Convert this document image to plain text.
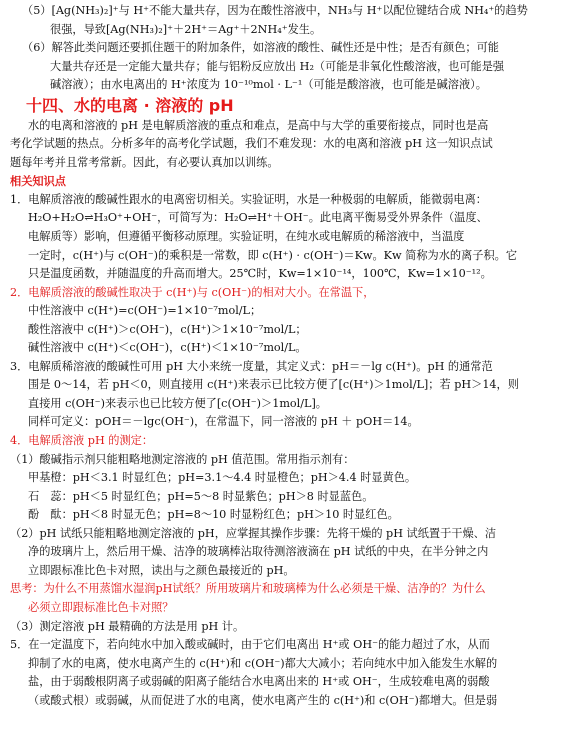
（5）[Ag(NH₃)₂]⁺与 H⁺不能大量共存，因为在酸性溶液中，NH₃与 H⁺以配位键结合成 NH₄⁺的趋势
很强，导致[Ag(NH₃)₂]⁺＋2H⁺＝Ag⁺＋2NH₄⁺发生。
（6）解答此类问题还要抓住题干的附加条件，如溶液的酸性、碱性还是中性；是否有颜色；可能
大量共存还是一定能大量共存；能与铝粉反应放出 H₂（可能是非氧化性酸溶液，也可能是强
碱溶液）；由水电离出的 H⁺浓度为 10⁻¹⁰mol · L⁻¹（可能是酸溶液，也可能是碱溶液）。
十四、水的电离 · 溶液的 pH
水的电离和溶液的 pH 是电解质溶液的重点和难点，是高中与大学的重要衔接点，同时也是高
考化学试题的热点。分析多年的高考化学试题，我们不难发现：水的电离和溶液 pH 这一知识点试
题每年考并且常考常新。因此，有必要认真加以训练。
相关知识点
1．电解质溶液的酸碱性跟水的电离密切相关。实验证明，水是一种极弱的电解质，能微弱电离：
H₂O+H₂O⇌H₃O⁺+OH⁻，可简写为：H₂O⇌H⁺＋OH⁻。此电离平衡易受外界条件（温度、
电解质等）影响，但遵循平衡移动原理。实验证明，在纯水或电解质的稀溶液中，当温度
一定时，c(H⁺)与 c(OH⁻)的乘积是一常数，即 c(H⁺) · c(OH⁻)＝Kw。Kw 简称为水的离子积。它
只是温度函数，并随温度的升高而增大。25℃时，Kw=1×10⁻¹⁴，100℃，Kw=1×10⁻¹²。
2．电解质溶液的酸碱性取决于 c(H⁺)与 c(OH⁻)的相对大小。在常温下，
中性溶液中 c(H⁺)=c(OH⁻)=1×10⁻⁷mol/L；
酸性溶液中 c(H⁺)＞c(OH⁻)，c(H⁺)＞1×10⁻⁷mol/L；
碱性溶液中 c(H⁺)＜c(OH⁻)，c(H⁺)＜1×10⁻⁷mol/L。
3．电解质稀溶液的酸碱性可用 pH 大小来统一度量，其定义式：pH＝－lg c(H⁺)。pH 的通常范
围是 0～14，若 pH＜0，则直接用 c(H⁺)来表示已比较方便了[c(H⁺)＞1mol/L]；若 pH＞14，则
直接用 c(OH⁻)来表示也已比较方便了[c(OH⁻)＞1mol/L]。
同样可定义：pOH＝－lgc(OH⁻)，在常温下，同一溶液的 pH ＋ pOH＝14。
4．电解质溶液 pH 的测定：
（1）酸碱指示剂只能粗略地测定溶液的 pH 值范围。常用指示剂有：
甲基橙：pH＜3.1 时显红色；pH=3.1～4.4 时显橙色；pH＞4.4 时显黄色。
石　蕊：pH＜5 时显红色；pH=5～8 时显紫色；pH＞8 时显蓝色。
酚　酞：pH＜8 时显无色；pH=8～10 时显粉红色；pH＞10 时显红色。
（2）pH 试纸只能粗略地测定溶液的 pH，应掌握其操作步骤：先将干燥的 pH 试纸置于干燥、洁
净的玻璃片上，然后用干燥、洁净的玻璃棒沾取待测溶液滴在 pH 试纸的中央，在半分钟之内
立即跟标准比色卡对照，读出与之颜色最接近的 pH。
思考：为什么不用蒸馏水湿润pH试纸？所用玻璃片和玻璃棒为什么必须是干燥、洁净的？为什么
必须立即跟标准比色卡对照？
（3）测定溶液 pH 最精确的方法是用 pH 计。
5．在一定温度下，若向纯水中加入酸或碱时，由于它们电离出 H⁺或 OH⁻的能力超过了水，从而
抑制了水的电离，使水电离产生的 c(H⁺)和 c(OH⁻)都大大减小；若向纯水中加入能发生水解的
盐，由于弱酸根阴离子或弱碱的阳离子能结合水电离出来的 H⁺或 OH⁻，生成较难电离的弱酸
（或酸式根）或弱碱，从而促进了水的电离，使水电离产生的 c(H⁺)和 c(OH⁻)都增大。但是弱
